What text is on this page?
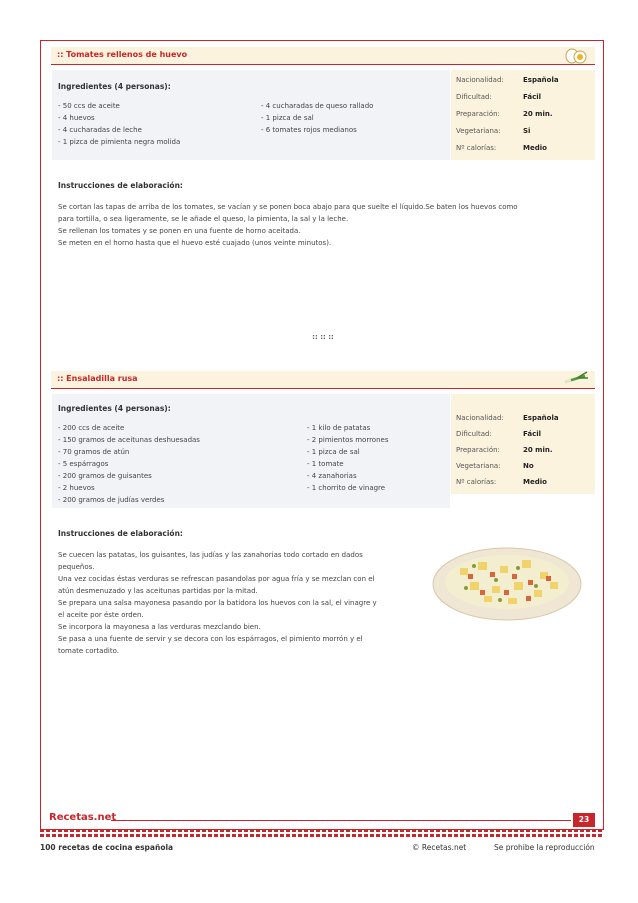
:: Tomates rellenos de huevo
Ingredientes (4 personas):
- 50 ccs de aceite
- 4 huevos
- 4 cucharadas de leche
- 1 pizca de pimienta negra molida
- 4 cucharadas de queso rallado
- 1 pizca de sal
- 6 tomates rojos medianos
Nacionalidad:	Española
Dificultad:	Fácil
Preparación:	20 min.
Vegetariana:	Si
Nº calorías:	Medio
Instrucciones de elaboración:
Se cortan las tapas de arriba de los tomates, se vacían y se ponen boca abajo para que suelte el líquido.Se baten los huevos como
para tortilla, o sea ligeramente, se le añade el queso, la pimienta, la sal y la leche.
Se rellenan los tomates y se ponen en una fuente de horno aceitada.
Se meten en el horno hasta que el huevo esté cuajado (unos veinte minutos).
:: :: ::
:: Ensaladilla rusa
Ingredientes (4 personas):
- 200 ccs de aceite
- 150 gramos de aceitunas deshuesadas
- 70 gramos de atún
- 5 espárragos
- 200 gramos de guisantes
- 2 huevos
- 200 gramos de judías verdes
- 1 kilo de patatas
- 2 pimientos morrones
- 1 pizca de sal
- 1 tomate
- 4 zanahorias
- 1 chorrito de vinagre
Nacionalidad:	Española
Dificultad:	Fácil
Preparación:	20 min.
Vegetariana:	No
Nº calorías:	Medio
Instrucciones de elaboración:
Se cuecen las patatas, los guisantes, las judías y las zanahorias todo cortado en dados
pequeños.
Una vez cocidas éstas verduras se refrescan pasandolas por agua fría y se mezclan con el
atún desmenuzado y las aceitunas partidas por la mitad.
Se prepara una salsa mayonesa pasando por la batidora los huevos con la sal, el vinagre y
el aceite por éste orden.
Se incorpora la mayonesa a las verduras mezclando bien.
Se pasa a una fuente de servir y se decora con los espárragos, el pimiento morrón y el
tomate cortadito.
Recetas.net	23
100 recetas de cocina española	© Recetas.net	Se prohibe la reproducción
